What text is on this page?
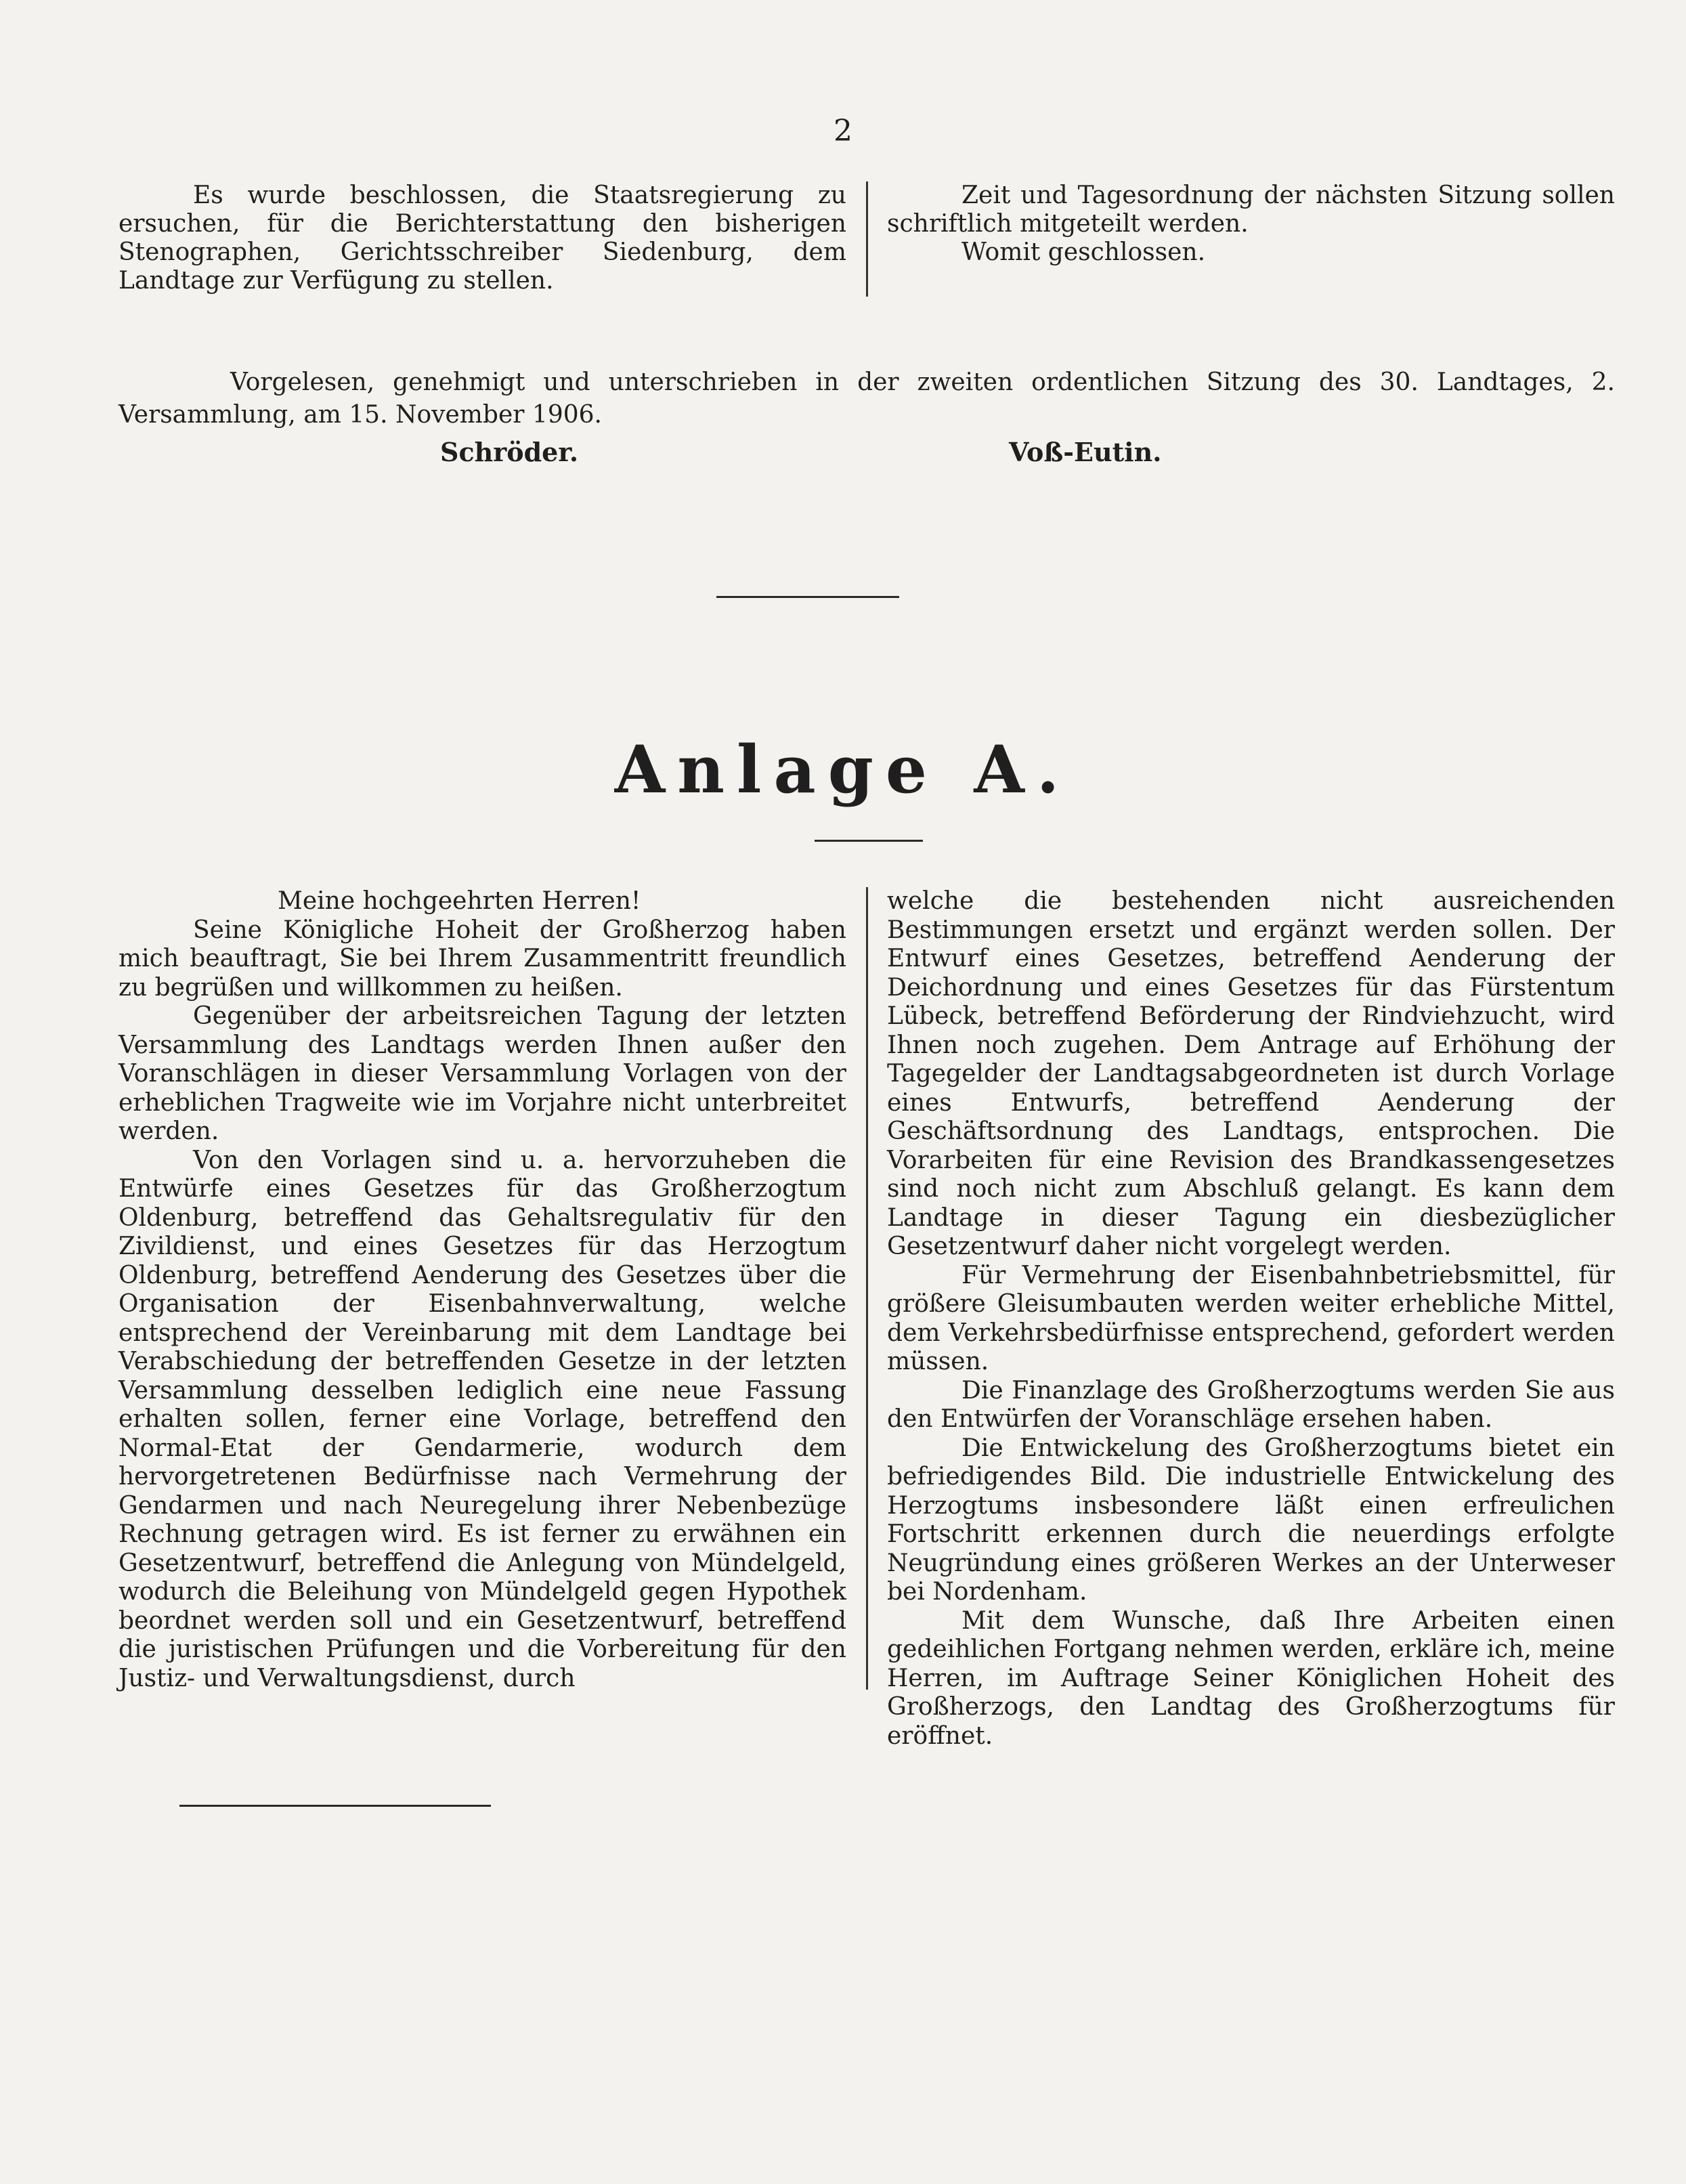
2

Es wurde beschlossen, die Staatsregierung zu ersuchen, für die Berichterstattung den bisherigen Stenographen, Gerichtsschreiber Siedenburg, dem Landtage zur Verfügung zu stellen.

Zeit und Tagesordnung der nächsten Sitzung sollen schriftlich mitgeteilt werden.

Womit geschlossen.

Vorgelesen, genehmigt und unterschrieben in der zweiten ordentlichen Sitzung des 30. Landtages, 2. Versammlung, am 15. November 1906.

Schröder.	Voß-Eutin.
Anlage A.

Meine hochgeehrten Herren!

Seine Königliche Hoheit der Großherzog haben mich beauftragt, Sie bei Ihrem Zusammentritt freundlich zu begrüßen und willkommen zu heißen.

Gegenüber der arbeitsreichen Tagung der letzten Versammlung des Landtags werden Ihnen außer den Voranschlägen in dieser Versammlung Vorlagen von der erheblichen Tragweite wie im Vorjahre nicht unterbreitet werden.

Von den Vorlagen sind u. a. hervorzuheben die Entwürfe eines Gesetzes für das Großherzogtum Oldenburg, betreffend das Gehaltsregulativ für den Zivildienst, und eines Gesetzes für das Herzogtum Oldenburg, betreffend Aenderung des Gesetzes über die Organisation der Eisenbahnverwaltung, welche entsprechend der Vereinbarung mit dem Landtage bei Verabschiedung der betreffenden Gesetze in der letzten Versammlung desselben lediglich eine neue Fassung erhalten sollen, ferner eine Vorlage, betreffend den Normal-Etat der Gendarmerie, wodurch dem hervorgetretenen Bedürfnisse nach Vermehrung der Gendarmen und nach Neuregelung ihrer Nebenbezüge Rechnung getragen wird. Es ist ferner zu erwähnen ein Gesetzentwurf, betreffend die Anlegung von Mündelgeld, wodurch die Beleihung von Mündelgeld gegen Hypothek beordnet werden soll und ein Gesetzentwurf, betreffend die juristischen Prüfungen und die Vorbereitung für den Justiz- und Verwaltungsdienst, durch

welche die bestehenden nicht ausreichenden Bestimmungen ersetzt und ergänzt werden sollen. Der Entwurf eines Gesetzes, betreffend Aenderung der Deichordnung und eines Gesetzes für das Fürstentum Lübeck, betreffend Beförderung der Rindviehzucht, wird Ihnen noch zugehen. Dem Antrage auf Erhöhung der Tagegelder der Landtagsabgeordneten ist durch Vorlage eines Entwurfs, betreffend Aenderung der Geschäftsordnung des Landtags, entsprochen. Die Vorarbeiten für eine Revision des Brandkassengesetzes sind noch nicht zum Abschluß gelangt. Es kann dem Landtage in dieser Tagung ein diesbezüglicher Gesetzentwurf daher nicht vorgelegt werden.

Für Vermehrung der Eisenbahnbetriebsmittel, für größere Gleisumbauten werden weiter erhebliche Mittel, dem Verkehrsbedürfnisse entsprechend, gefordert werden müssen.

Die Finanzlage des Großherzogtums werden Sie aus den Entwürfen der Voranschläge ersehen haben.

Die Entwickelung des Großherzogtums bietet ein befriedigendes Bild. Die industrielle Entwickelung des Herzogtums insbesondere läßt einen erfreulichen Fortschritt erkennen durch die neuerdings erfolgte Neugründung eines größeren Werkes an der Unterweser bei Nordenham.

Mit dem Wunsche, daß Ihre Arbeiten einen gedeihlichen Fortgang nehmen werden, erkläre ich, meine Herren, im Auftrage Seiner Königlichen Hoheit des Großherzogs, den Landtag des Großherzogtums für eröffnet.
